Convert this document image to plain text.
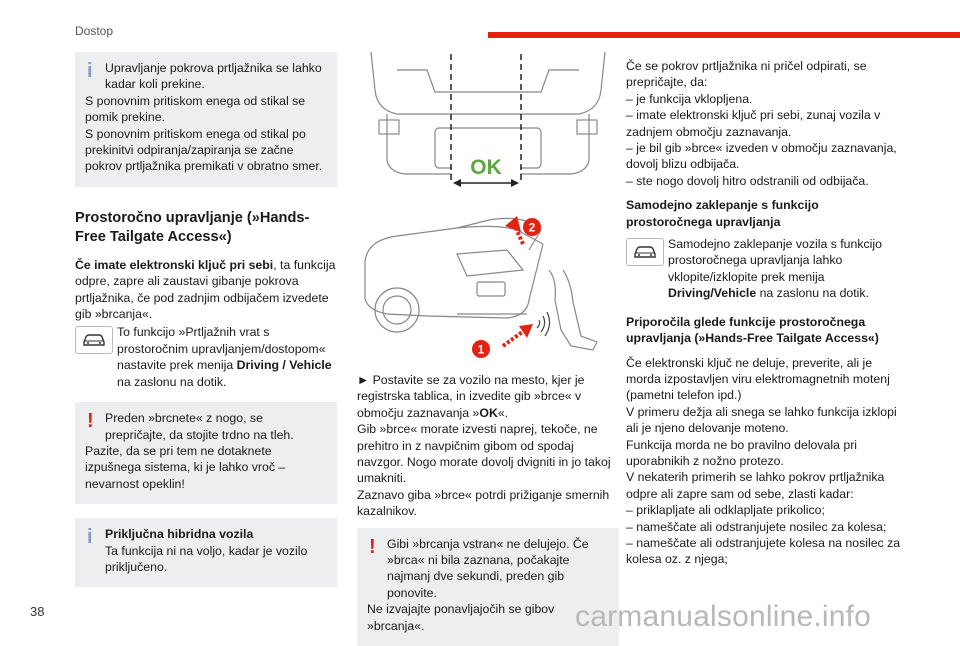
Dostop
i	Upravljanje pokrova prtljažnika se lahko kadar koli prekine.

S ponovnim pritiskom enega od stikal se pomik prekine.

S ponovnim pritiskom enega od stikal po prekinitvi odpiranja/zapiranja se začne pokrov prtljažnika premikati v obratno smer.

Prostoročno upravljanje (»Hands-Free Tailgate Access«)

Če imate elektronski ključ pri sebi, ta funkcija odpre, zapre ali zaustavi gibanje pokrova prtljažnika, če pod zadnjim odbijačem izvedete gib »brcanja«.

To funkcijo »Prtljažnih vrat s prostoročnim upravljanjem/dostopom« nastavite prek menija Driving / Vehicle na zaslonu na dotik.

! Preden »brcnete« z nogo, se prepričajte, da stojite trdno na tleh.

Pazite, da se pri tem ne dotaknete izpušnega sistema, ki je lahko vroč – nevarnost opeklin!

i	Priključna hibridna vozila

Ta funkcija ni na voljo, kadar je vozilo priključeno.

OK
2
1

► Postavite se za vozilo na mesto, kjer je registrska tablica, in izvedite gib »brce« v območju zaznavanja »OK«.

Gib »brce« morate izvesti naprej, tekoče, ne prehitro in z navpičnim gibom od spodaj navzgor. Nogo morate dovolj dvigniti in jo takoj umakniti.

Zaznavo giba »brce« potrdi prižiganje smernih kazalnikov.

! Gibi »brcanja vstran« ne delujejo. Če »brca« ni bila zaznana, počakajte najmanj dve sekundi, preden gib ponovite.

Ne izvajajte ponavljajočih se gibov »brcanja«.

Če se pokrov prtljažnika ni pričel odpirati, se prepričajte, da:

– je funkcija vklopljena.

– imate elektronski ključ pri sebi, zunaj vozila v zadnjem območju zaznavanja.

– je bil gib »brce« izveden v območju zaznavanja, dovolj blizu odbijača.

– ste nogo dovolj hitro odstranili od odbijača.

Samodejno zaklepanje s funkcijo prostoročnega upravljanja

Samodejno zaklepanje vozila s funkcijo prostoročnega upravljanja lahko vklopite/izklopite prek menija Driving/Vehicle na zaslonu na dotik.

Priporočila glede funkcije prostoročnega upravljanja (»Hands-Free Tailgate Access«)

Če elektronski ključ ne deluje, preverite, ali je morda izpostavljen viru elektromagnetnih motenj (pametni telefon ipd.)

V primeru dežja ali snega se lahko funkcija izklopi ali je njeno delovanje moteno.

Funkcija morda ne bo pravilno delovala pri uporabnikih z nožno protezo.

V nekaterih primerih se lahko pokrov prtljažnika odpre ali zapre sam od sebe, zlasti kadar:

– priklapljate ali odklapljate prikolico;

– nameščate ali odstranjujete nosilec za kolesa;

– nameščate ali odstranjujete kolesa na nosilec za kolesa oz. z njega;

38	carmanualsonline.info
